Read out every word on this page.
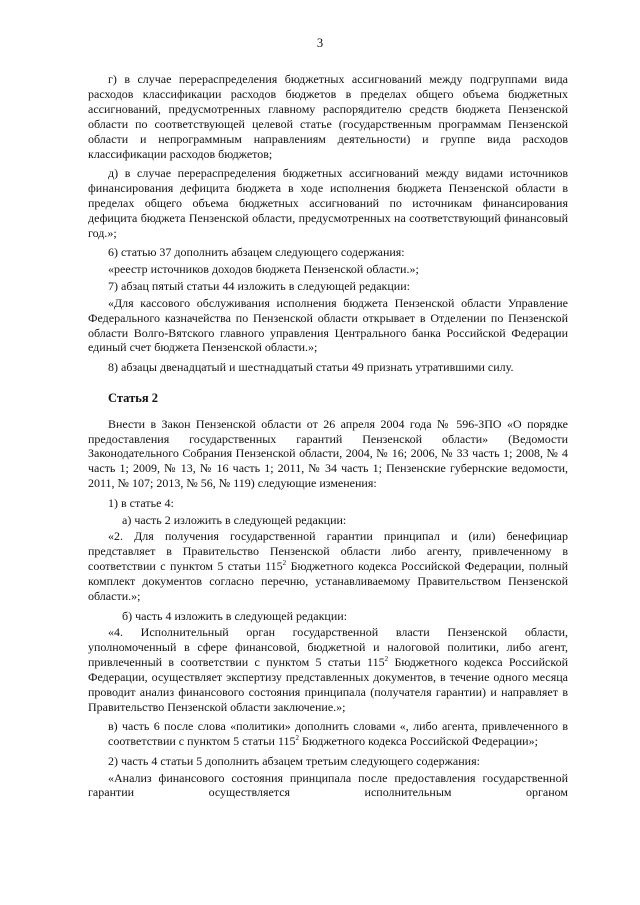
3

г) в случае перераспределения бюджетных ассигнований между подгруппами вида расходов классификации расходов бюджетов в пределах общего объема бюджетных ассигнований, предусмотренных главному распорядителю средств бюджета Пензенской области по соответствующей целевой статье (государственным программам Пензенской области и непрограммным направлениям деятельности) и группе вида расходов классификации расходов бюджетов;

д) в случае перераспределения бюджетных ассигнований между видами источников финансирования дефицита бюджета в ходе исполнения бюджета Пензенской области в пределах общего объема бюджетных ассигнований по источникам финансирования дефицита бюджета Пензенской области, предусмотренных на соответствующий финансовый год.»;

6) статью 37 дополнить абзацем следующего содержания:

«реестр источников доходов бюджета Пензенской области.»;

7) абзац пятый статьи 44 изложить в следующей редакции:

«Для кассового обслуживания исполнения бюджета Пензенской области Управление Федерального казначейства по Пензенской области открывает в Отделении по Пензенской области Волго-Вятского главного управления Центрального банка Российской Федерации единый счет бюджета Пензенской области.»;

8) абзацы двенадцатый и шестнадцатый статьи 49 признать утратившими силу.

Статья 2

Внести в Закон Пензенской области от 26 апреля 2004 года № 596-ЗПО «О порядке предоставления государственных гарантий Пензенской области» (Ведомости Законодательного Собрания Пензенской области, 2004, № 16; 2006, № 33 часть 1; 2008, № 4 часть 1; 2009, № 13, № 16 часть 1; 2011, № 34 часть 1; Пензенские губернские ведомости, 2011, № 107; 2013, № 56, № 119) следующие изменения:

1) в статье 4:

а) часть 2 изложить в следующей редакции:

«2. Для получения государственной гарантии принципал и (или) бенефициар представляет в Правительство Пензенской области либо агенту, привлеченному в соответствии с пунктом 5 статьи $115^2$ Бюджетного кодекса Российской Федерации, полный комплект документов согласно перечню, устанавливаемому Правительством Пензенской области.»;

б) часть 4 изложить в следующей редакции:

«4. Исполнительный орган государственной власти Пензенской области, уполномоченный в сфере финансовой, бюджетной и налоговой политики, либо агент, привлеченный в соответствии с пунктом 5 статьи $115^2$ Бюджетного кодекса Российской Федерации, осуществляет экспертизу представленных документов, в течение одного месяца проводит анализ финансового состояния принципала (получателя гарантии) и направляет в Правительство Пензенской области заключение.»;

в) часть 6 после слова «политики» дополнить словами «, либо агента, привлеченного в соответствии с пунктом 5 статьи $115^2$ Бюджетного кодекса Российской Федерации»;

2) часть 4 статьи 5 дополнить абзацем третьим следующего содержания:

«Анализ финансового состояния принципала после предоставления государственной гарантии осуществляется исполнительным органом
